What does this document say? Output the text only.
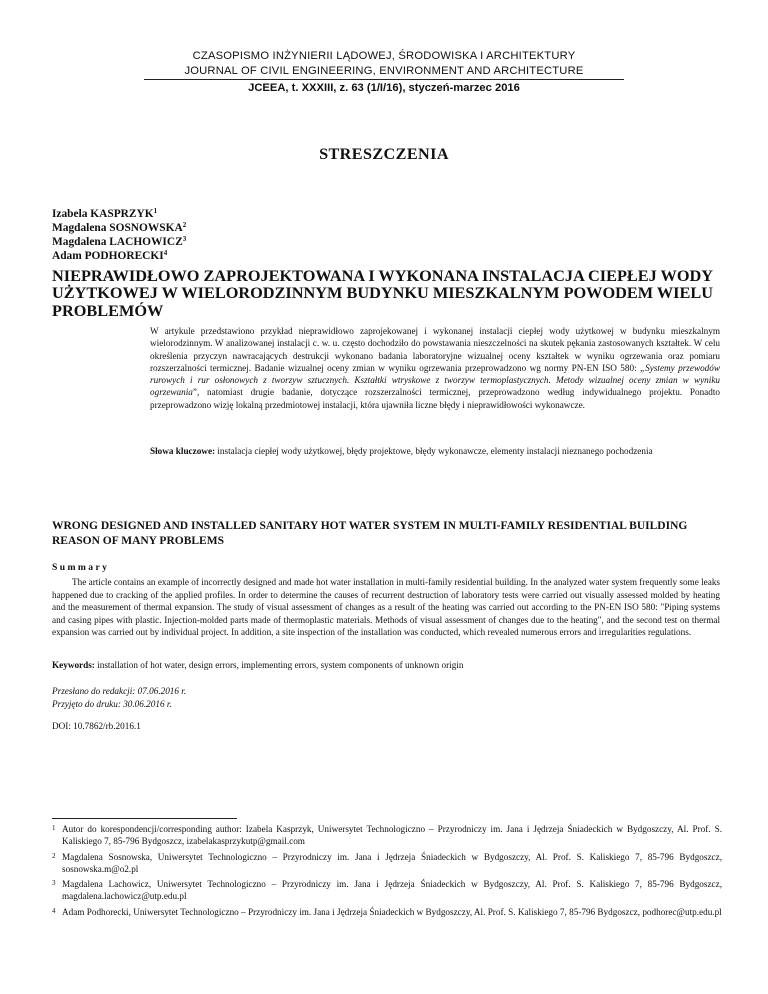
CZASOPISMO INŻYNIERII LĄDOWEJ, ŚRODOWISKA I ARCHITEKTURY
JOURNAL OF CIVIL ENGINEERING, ENVIRONMENT AND ARCHITECTURE
JCEEA, t. XXXIII, z. 63 (1/I/16), styczeń-marzec 2016
STRESZCZENIA
Izabela KASPRZYK$^1$
Magdalena SOSNOWSKA$^2$
Magdalena LACHOWICZ$^3$
Adam PODHORECKI$^4$
NIEPRAWIDŁOWO ZAPROJEKTOWANA I WYKONANA INSTALACJA CIEPŁEJ WODY UŻYTKOWEJ W WIELORODZINNYM BUDYNKU MIESZKALNYM POWODEM WIELU PROBLEMÓW

W artykule przedstawiono przykład nieprawidłowo zaprojekowanej i wykonanej instalacji ciepłej wody użytkowej w budynku mieszkalnym wielorodzinnym. W analizowanej instalacji c. w. u. często dochodziło do powstawania nieszczelności na skutek pękania zastosowanych kształtek. W celu określenia przyczyn nawracających destrukcji wykonano badania laboratoryjne wizualnej oceny kształtek w wyniku ogrzewania oraz pomiaru rozszerzalności termicznej. Badanie wizualnej oceny zmian w wyniku ogrzewania przeprowadzono wg normy PN-EN ISO 580: „Systemy przewodów rurowych i rur osłonowych z tworzyw sztucznych. Kształtki wtryskowe z tworzyw termoplastycznych. Metody wizualnej oceny zmian w wyniku ogrzewania”, natomiast drugie badanie, dotyczące rozszerzalności termicznej, przeprowadzono według indywidualnego projektu. Ponadto przeprowadzono wizję lokalną przedmiotowej instalacji, która ujawniła liczne błędy i nieprawidłowości wykonawcze.

Słowa kluczowe: instalacja ciepłej wody użytkowej, błędy projektowe, błędy wykonawcze, elementy instalacji nieznanego pochodzenia

WRONG DESIGNED AND INSTALLED SANITARY HOT WATER SYSTEM IN MULTI-FAMILY RESIDENTIAL BUILDING REASON OF MANY PROBLEMS
Summary

The article contains an example of incorrectly designed and made hot water installation in multi-family residential building. In the analyzed water system frequently some leaks happened due to cracking of the applied profiles. In order to determine the causes of recurrent destruction of laboratory tests were carried out visually assessed molded by heating and the measurement of thermal expansion. The study of visual assessment of changes as a result of the heating was carried out according to the PN-EN ISO 580: "Piping systems and casing pipes with plastic. Injection-molded parts made of thermoplastic materials. Methods of visual assessment of changes due to the heating", and the second test on thermal expansion was carried out by individual project. In addition, a site inspection of the installation was conducted, which revealed numerous errors and irregularities regulations.

Keywords: installation of hot water, design errors, implementing errors, system components of unknown origin

Przesłano do redakcji: 07.06.2016 r.
Przyjęto do druku: 30.06.2016 r.
DOI: 10.7862/rb.2016.1
1 Autor do korespondencji/corresponding author: Izabela Kasprzyk, Uniwersytet Technologiczno – Przyrodniczy im. Jana i Jędrzeja Śniadeckich w Bydgoszczy, Al. Prof. S. Kaliskiego 7, 85-796 Bydgoszcz, izabelakasprzykutp@gmail.com
2 Magdalena Sosnowska, Uniwersytet Technologiczno – Przyrodniczy im. Jana i Jędrzeja Śniadeckich w Bydgoszczy, Al. Prof. S. Kaliskiego 7, 85-796 Bydgoszcz, sosnowska.m@o2.pl
3 Magdalena Lachowicz, Uniwersytet Technologiczno – Przyrodniczy im. Jana i Jędrzeja Śniadeckich w Bydgoszczy, Al. Prof. S. Kaliskiego 7, 85-796 Bydgoszcz, magdalena.lachowicz@utp.edu.pl
4 Adam Podhorecki, Uniwersytet Technologiczno – Przyrodniczy im. Jana i Jędrzeja Śniadeckich w Bydgoszczy, Al. Prof. S. Kaliskiego 7, 85-796 Bydgoszcz, podhorec@utp.edu.pl
